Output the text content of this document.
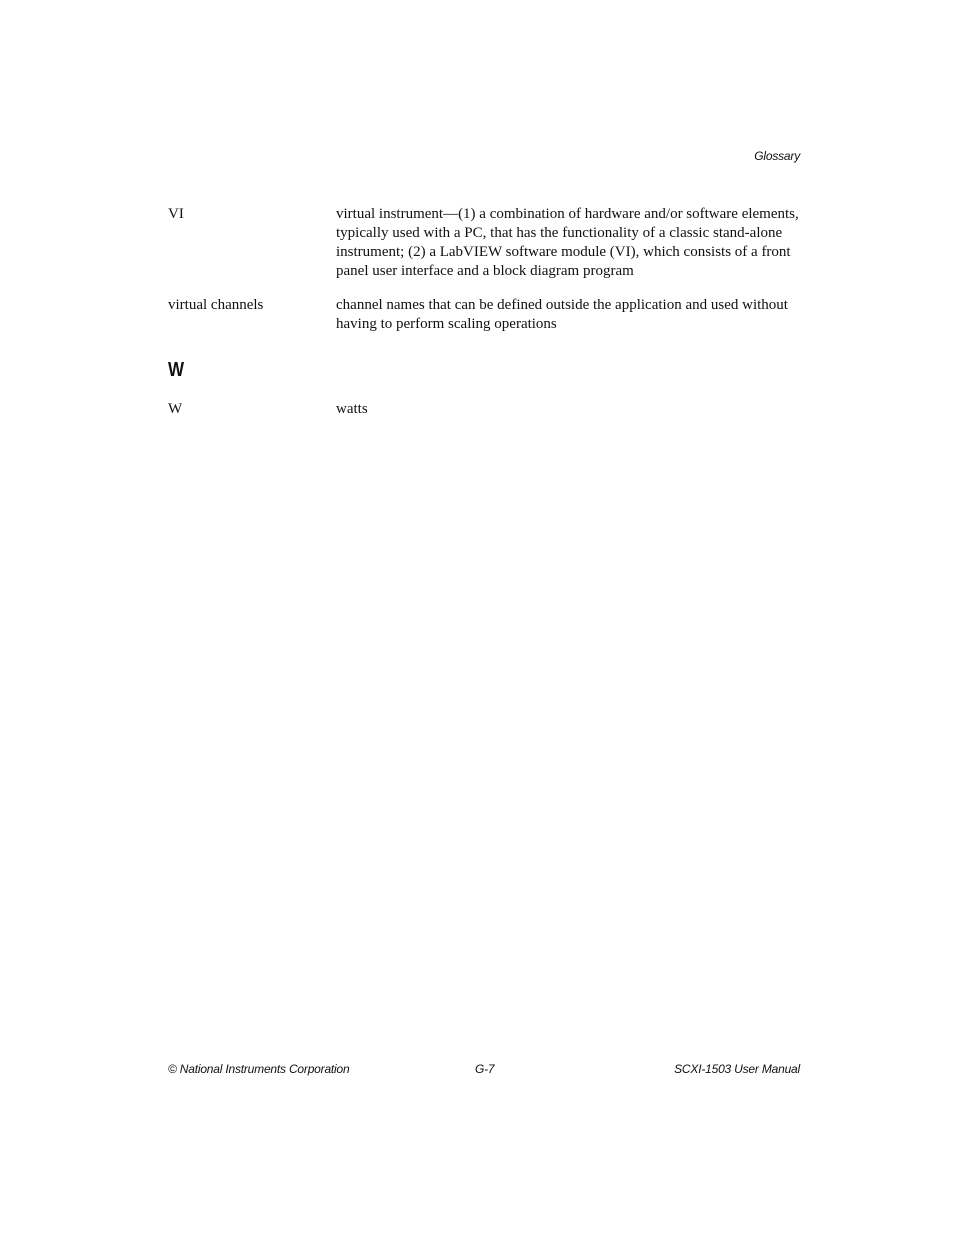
Glossary
VI	virtual instrument—(1) a combination of hardware and/or software elements, typically used with a PC, that has the functionality of a classic stand-alone instrument; (2) a LabVIEW software module (VI), which consists of a front panel user interface and a block diagram program
virtual channels	channel names that can be defined outside the application and used without having to perform scaling operations
W
W	watts
© National Instruments Corporation	G-7	SCXI-1503 User Manual
